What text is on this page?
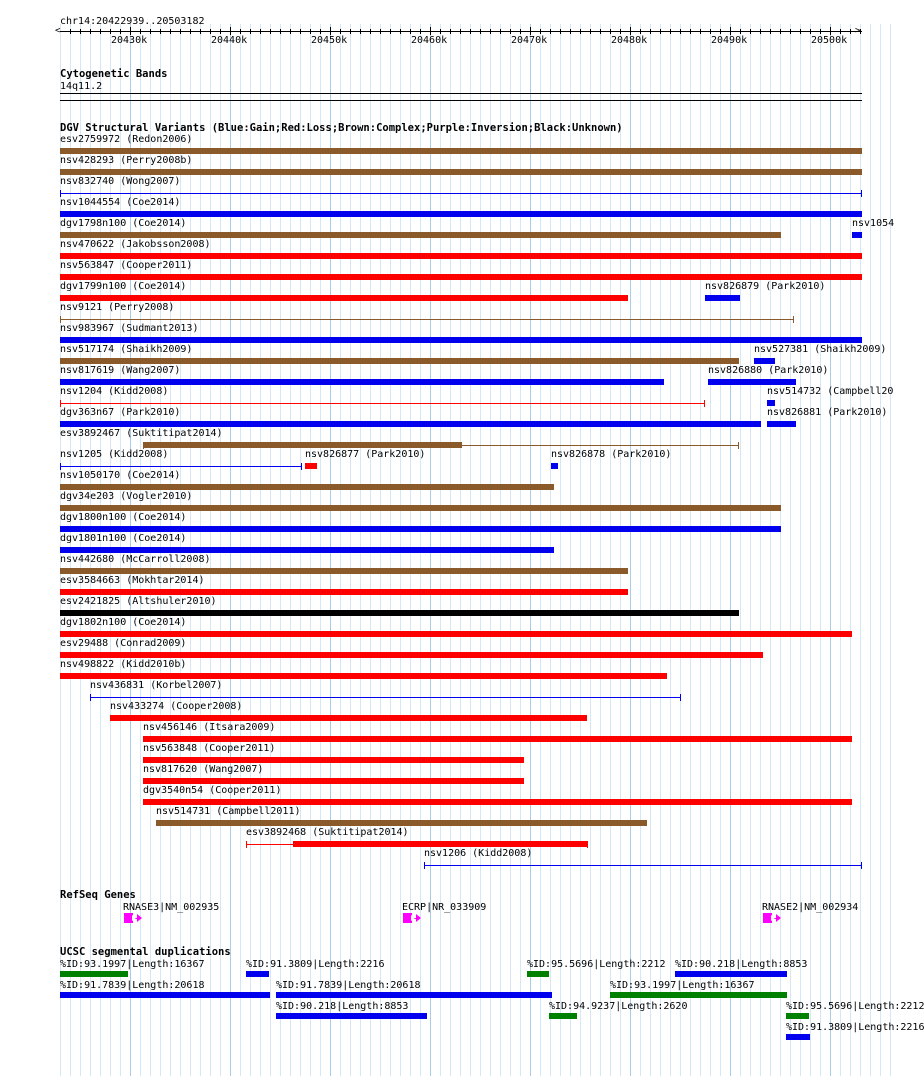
chr14:20422939..20503182
<	>
20430k	20440k	20450k	20460k	20470k	20480k	20490k	20500k
Cytogenetic Bands
14q11.2
DGV Structural Variants (Blue:Gain;Red:Loss;Brown:Complex;Purple:Inversion;Black:Unknown)
esv2759972 (Redon2006)
nsv428293 (Perry2008b)
nsv832740 (Wong2007)
nsv1044554 (Coe2014)
dgv1798n100 (Coe2014)	nsv1054
nsv470622 (Jakobsson2008)
nsv563847 (Cooper2011)
dgv1799n100 (Coe2014)	nsv826879 (Park2010)
nsv9121 (Perry2008)
nsv983967 (Sudmant2013)
nsv517174 (Shaikh2009)	nsv527381 (Shaikh2009)
nsv817619 (Wang2007)	nsv826880 (Park2010)
nsv1204 (Kidd2008)	nsv514732 (Campbell20
dgv363n67 (Park2010)	nsv826881 (Park2010)
esv3892467 (Suktitipat2014)
nsv1205 (Kidd2008)	nsv826877 (Park2010)	nsv826878 (Park2010)
nsv1050170 (Coe2014)
dgv34e203 (Vogler2010)
dgv1800n100 (Coe2014)
dgv1801n100 (Coe2014)
nsv442680 (McCarroll2008)
esv3584663 (Mokhtar2014)
esv2421825 (Altshuler2010)
dgv1802n100 (Coe2014)
esv29488 (Conrad2009)
nsv498822 (Kidd2010b)
nsv436831 (Korbel2007)
nsv433274 (Cooper2008)
nsv456146 (Itsara2009)
nsv563848 (Cooper2011)
nsv817620 (Wang2007)
dgv3540n54 (Cooper2011)
nsv514731 (Campbell2011)
esv3892468 (Suktitipat2014)
nsv1206 (Kidd2008)
RefSeq Genes
RNASE3|NM_002935	ECRP|NR_033909	RNASE2|NM_002934
UCSC segmental duplications
%ID:93.1997|Length:16367	%ID:91.3809|Length:2216	%ID:95.5696|Length:2212 %ID:90.218|Length:8853
%ID:91.7839|Length:20618	%ID:91.7839|Length:20618	%ID:93.1997|Length:16367
%ID:90.218|Length:8853	%ID:94.9237|Length:2620	%ID:95.5696|Length:2212
%ID:91.3809|Length:2216
